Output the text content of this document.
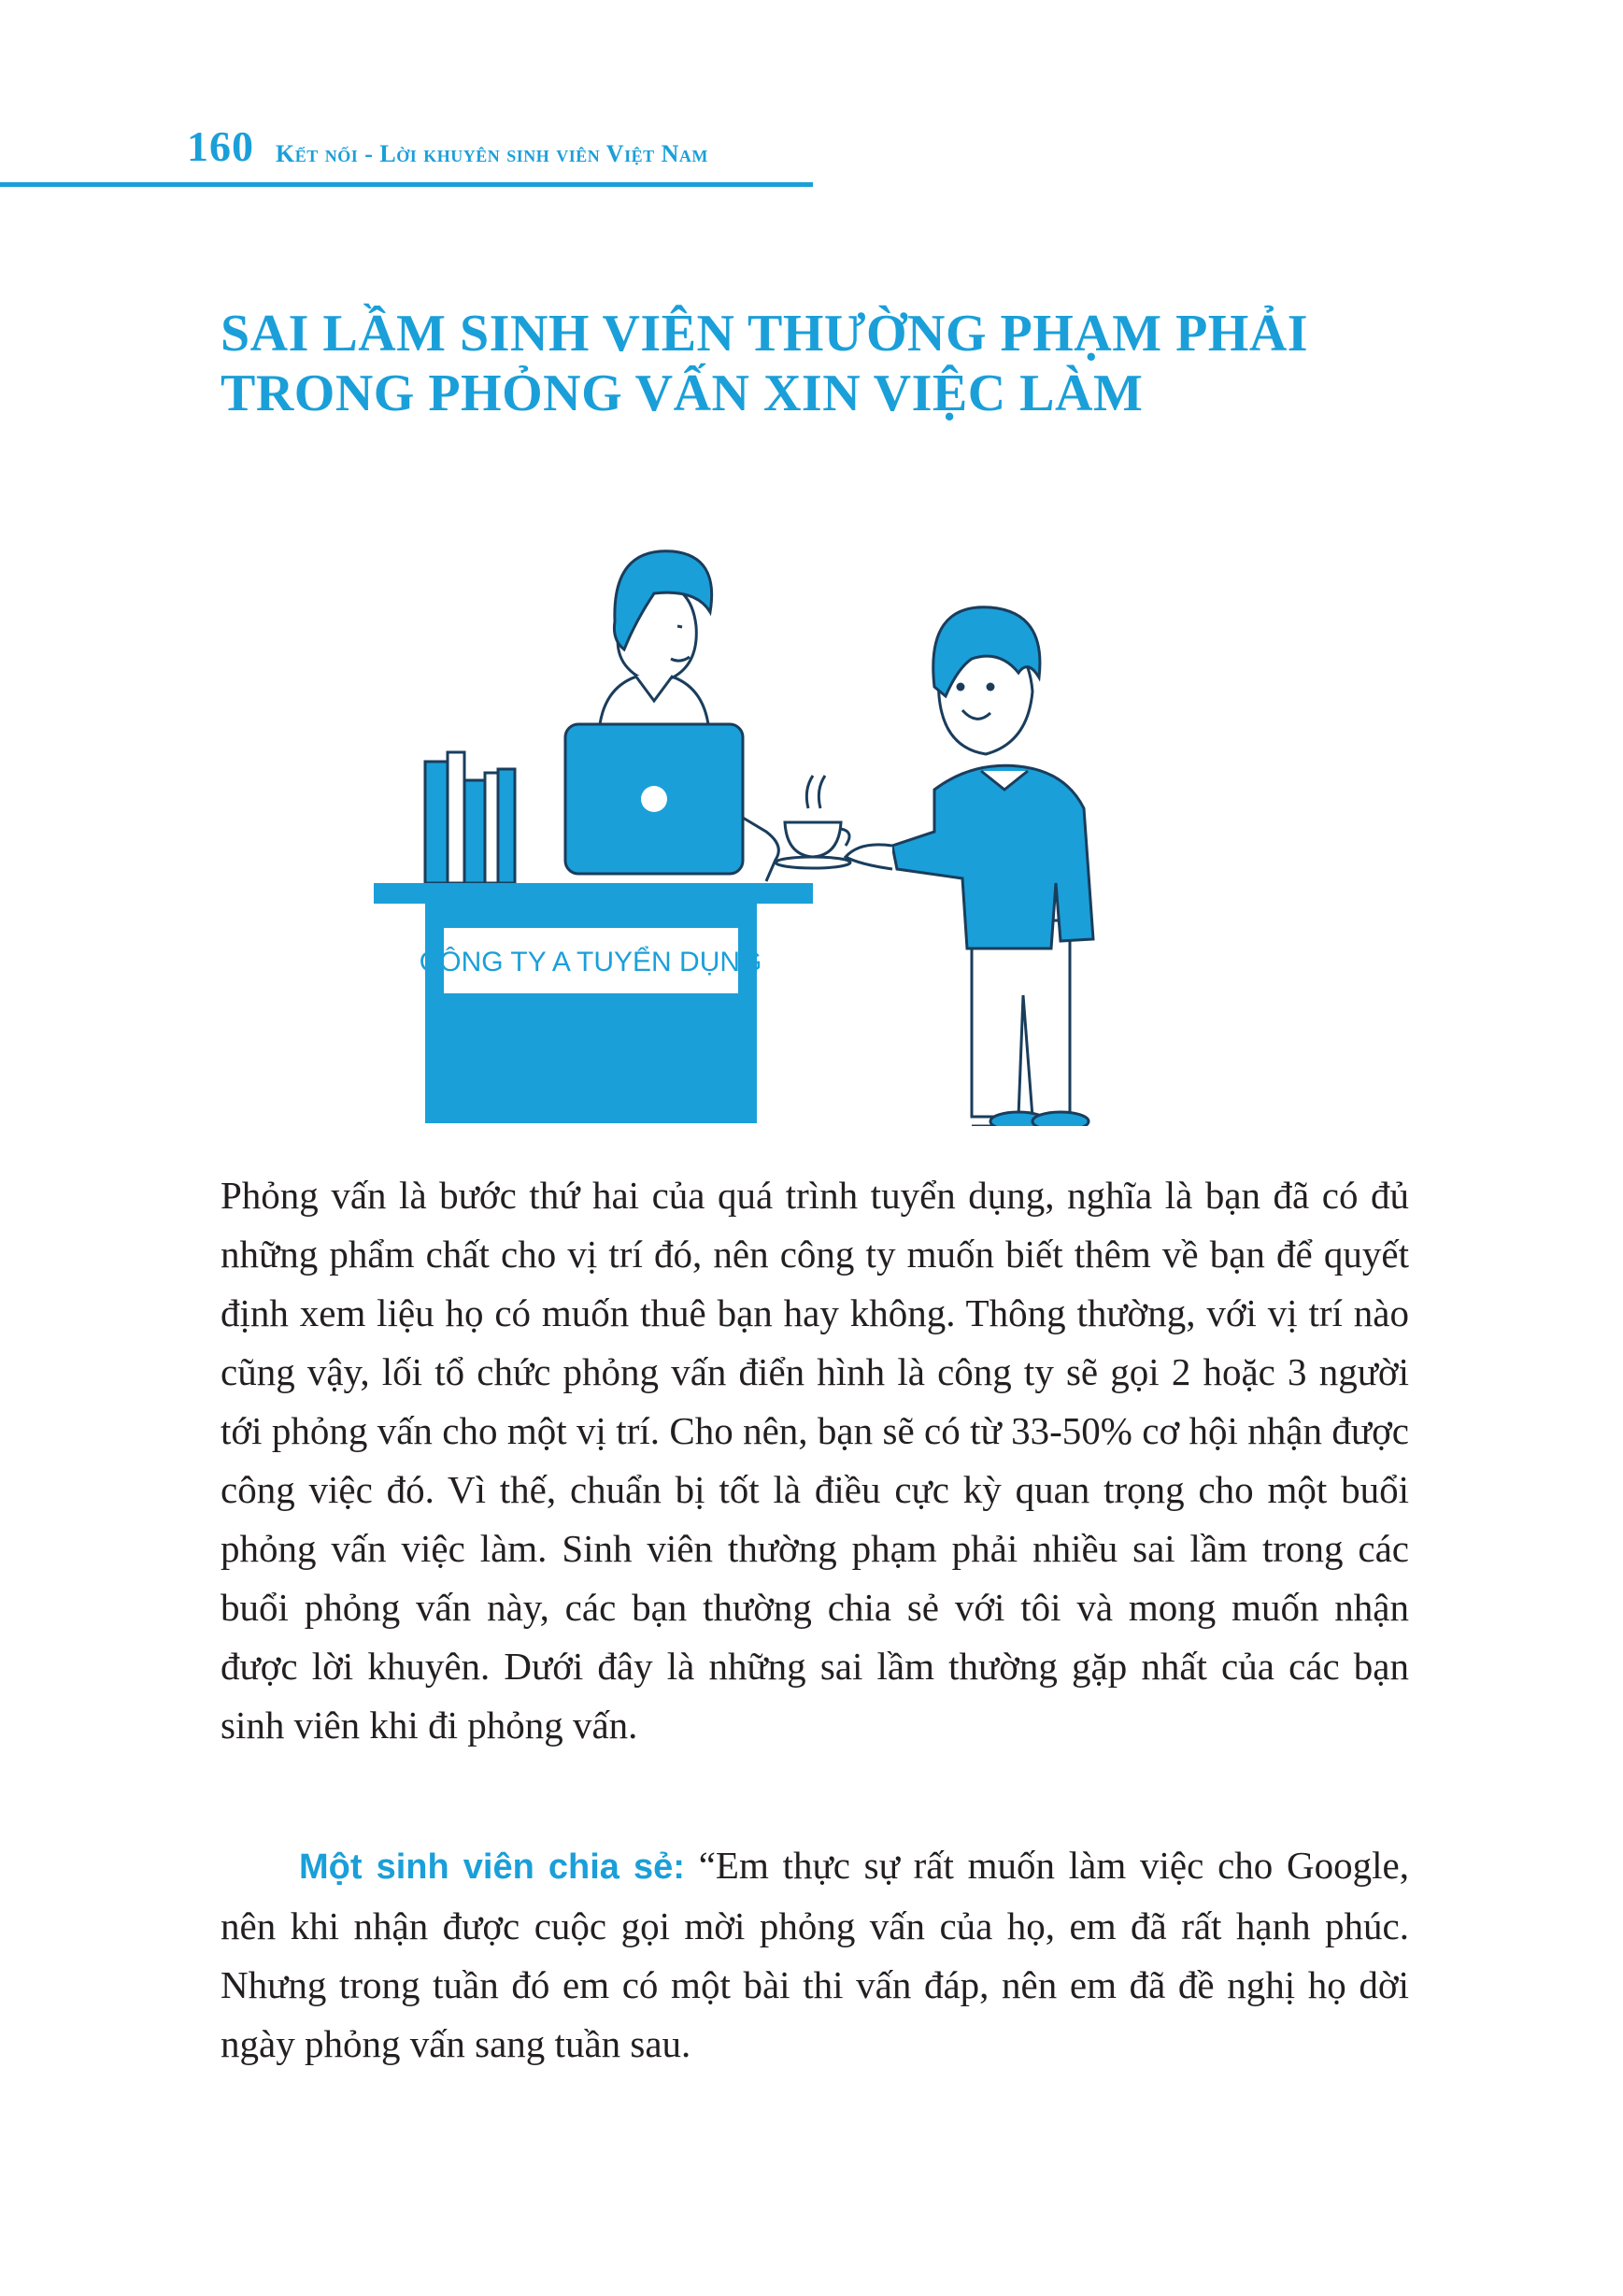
160 Kết nối - Lời khuyên sinh viên Việt Nam
SAI LẦM SINH VIÊN THƯỜNG PHẠM PHẢI
TRONG PHỎNG VẤN XIN VIỆC LÀM
CÔNG TY A TUYỂN DỤNG

Phỏng vấn là bước thứ hai của quá trình tuyển dụng, nghĩa là bạn đã có đủ những phẩm chất cho vị trí đó, nên công ty muốn biết thêm về bạn để quyết định xem liệu họ có muốn thuê bạn hay không. Thông thường, với vị trí nào cũng vậy, lối tổ chức phỏng vấn điển hình là công ty sẽ gọi 2 hoặc 3 người tới phỏng vấn cho một vị trí. Cho nên, bạn sẽ có từ 33-50% cơ hội nhận được công việc đó. Vì thế, chuẩn bị tốt là điều cực kỳ quan trọng cho một buổi phỏng vấn việc làm. Sinh viên thường phạm phải nhiều sai lầm trong các buổi phỏng vấn này, các bạn thường chia sẻ với tôi và mong muốn nhận được lời khuyên. Dưới đây là những sai lầm thường gặp nhất của các bạn sinh viên khi đi phỏng vấn.

Một sinh viên chia sẻ: “Em thực sự rất muốn làm việc cho Google, nên khi nhận được cuộc gọi mời phỏng vấn của họ, em đã rất hạnh phúc. Nhưng trong tuần đó em có một bài thi vấn đáp, nên em đã đề nghị họ dời ngày phỏng vấn sang tuần sau.
